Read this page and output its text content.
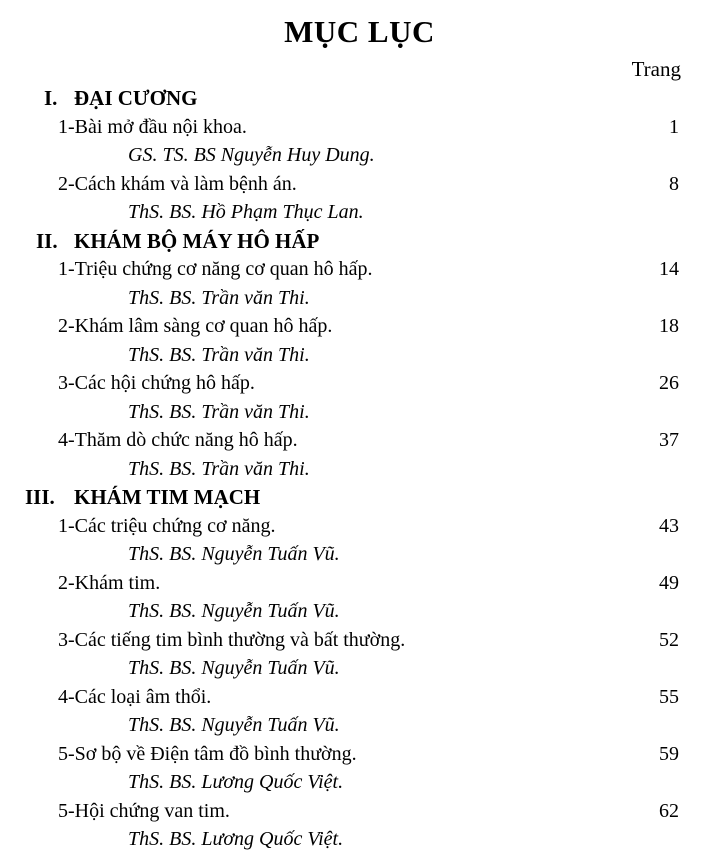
MỤC LỤC
Trang
I. ĐẠI CƯƠNG
1-Bài mở đầu nội khoa.	1
GS. TS. BS Nguyễn Huy Dung.
2-Cách khám và làm bệnh án.	8
ThS. BS. Hồ Phạm Thục Lan.
II. KHÁM BỘ MÁY HÔ HẤP
1-Triệu chứng cơ năng cơ quan hô hấp.	14
ThS. BS. Trần văn Thi.
2-Khám lâm sàng cơ quan hô hấp.	18
ThS. BS. Trần văn Thi.
3-Các hội chứng hô hấp.	26
ThS. BS. Trần văn Thi.
4-Thăm dò chức năng hô hấp.	37
ThS. BS. Trần văn Thi.
III. KHÁM TIM MẠCH
1-Các triệu chứng cơ năng.	43
ThS. BS. Nguyễn Tuấn Vũ.
2-Khám tim.	49
ThS. BS. Nguyễn Tuấn Vũ.
3-Các tiếng tim bình thường và bất thường.	52
ThS. BS. Nguyễn Tuấn Vũ.
4-Các loại âm thổi.	55
ThS. BS. Nguyễn Tuấn Vũ.
5-Sơ bộ về Điện tâm đồ bình thường.	59
ThS. BS. Lương Quốc Việt.
5-Hội chứng van tim.	62
ThS. BS. Lương Quốc Việt.
